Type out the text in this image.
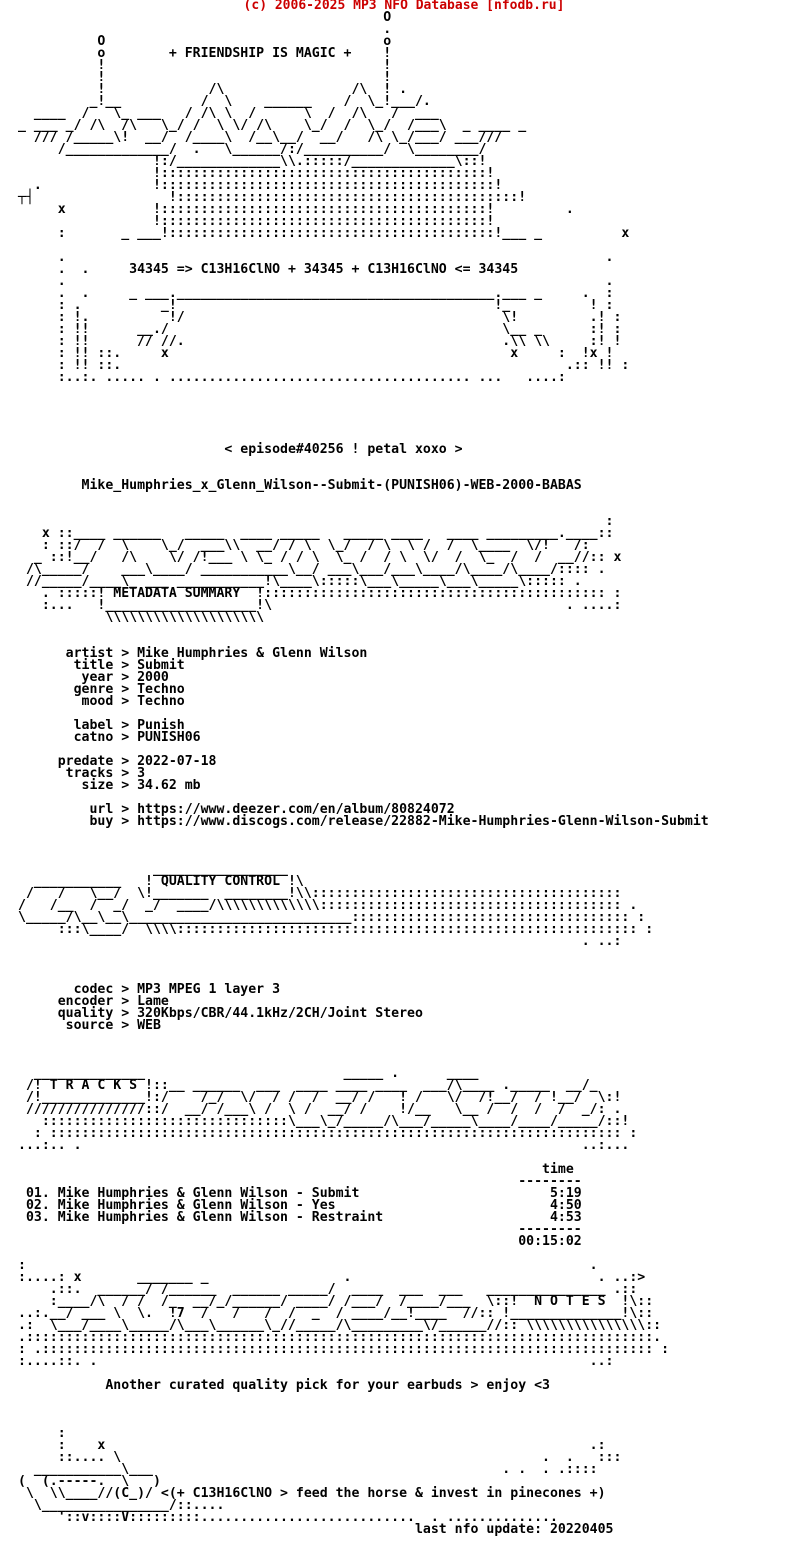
(c) 2006-2025 MP3 NFO Database [nfodb.ru]
O
.
O                                   o
o        + FRIENDSHIP IS MAGIC +    !
!                                   !
!                                   !
!             /\                /\  ! .
_!__          /  \    ______    /  \_!___/.
____  /   \_ ___   / /\ \  /      \  /  /\   /  ___
_ ___ _/ /\  /\   \_/ /  \ \/ /\    \_/  /  \_/  /___\  _ ____ _
/// /_____\!  __/  /____\  /__\__/  __/   /\ \_/___/ ___///
/_____________/  .   \______/:/__________/  \________/
!:/_____________\\.:::::/_____________\::!
!:::::::::::::::::::::::::::::::::::::::::!
.              !::::::::::::::::::::::::::::::::::::::::::!
┬┤                 !:::::::::::::::::::::::::::::::::::::::::::!
x           !:::::::::::::::::::::::::::::::::::::::::!         .
!:::::::::::::::::::::::::::::::::::::::::!
:       _ ___!:::::::::::::::::::::::::::::::::::::::::!___ _          x
.                                                                    .
.  .     34345 => C13H16ClNO + 34345 + C13H16ClNO <= 34345
.                                                                    .
.  .     _ ___.________________________________________.___ _     .  :
: .          _!                                        !_          ! :
: !.          !/                                        \!         .! :
: !!      __./                                          \__ _      :! :
: !!      // //.                                        .\\ \\     :! !
: !! ::.     x                                           x     :  !x !
: !! ::.                                                        .:: !! :
:..:. ..... . ...................................... ...   ....:
< episode#40256 ! petal xoxo >
Mike_Humphries_x_Glenn_Wilson--Submit-(PUNISH06)-WEB-2000-BABAS
:
x ::____ ______   _____  ____ _____   _____ ____   ____ _________.____::
: ::/  /  \    \_/  ___\\  __/ / \  \_/  / \  \ /  /  \____  \/!   /:
_ ::!__/   /\    \/ /!___ \ \_ / / \  \_ /  / \  \/  /  \_  /  /  __//:: x
/\_____/    ___\____/ ___________\__/ ___\___/___\____/\____/\____/:::: .
//_____/____\_ ___ ___________!\____\:::::\___\_____\___\_____\::::: .
. :::::! METADATA SUMMARY  !::::::::::::::::::::::::::::::::::::::::::: :
:...   !___________________!\                                     . ....:
\\\\\\\\\\\\\\\\\\\\
artist > Mike Humphries & Glenn Wilson
title > Submit
year > 2000
genre > Techno
mood > Techno
label > Punish
catno > PUNISH06
predate > 2022-07-18
tracks > 3
size > 34.62 mb
url > https://www.deezer.com/en/album/80824072
buy > https://www.discogs.com/release/22882-Mike-Humphries-Glenn-Wilson-Submit
_________________
___________   ! QUALITY CONTROL !\
/   /   \__/  \!_______  ________!\\:::::::::::::::::::::::::::::::::::::::
/   /__  /  _/  _/  ____/\\\\\\\\\\\\\:::::::::::::::::::::::::::::::::::::: .
\_____/\__\__\____________________________::::::::::::::::::::::::::::::::::: :
:::\____/  \\\\:::::::::::::::::::::::::::::::::::::::::::::::::::::::::: :
. ..:
codec > MP3 MPEG 1 layer 3
encoder > Lame
quality > 320Kbps/CBR/44.1kHz/2CH/Joint Stereo
source > WEB
______________                         _____ .      ____
/! T R A C K S !::__ ______  ___  ____ ____ ____  ___/\____ ._____  __/_
/!_____________!:/    /_/  \/  / /  /  __/ /   ! /   \/  /!__/  / !__/  \:!
///////////////::/  __/ /___\ /  \ /  __/ /    !/__   \__ /  /  /  /  _/: .
:::::::::::::::::::::::::::::::\___\_/_____/\___/_____\____/____/_____/::!
: :::::::::::::::::::::::::::::::::::::::::::::::::::::::::::::::::::::::: :
...:.. .                                                               ..:...
time
--------
01. Mike Humphries & Glenn Wilson - Submit                        5:19
02. Mike Humphries & Glenn Wilson - Yes                           4:50
03. Mike Humphries & Glenn Wilson - Restraint                     4:53
--------
00:15:02
:                                                                       .
:....: x       _______ _                 .                               . ..:>
.::.  ______/ /______  ______ _____/  ____  ___  ___   _______________ .::
:____/\  / /  /_  __/_/______/ ____/ /___/  /____/___  \::!  N O T E S  !\::
..:.__/ ___ \  \.  !7  /   /   /  /  _  / ____/__!____  //:: !______________!\::
.:  \___/____\_____/\___\______\_//_____/\_________\/______//:: \\\\\\\\\\\\\\\::
.:::::::::::::::::::::::::::::::::::::::::::::::::::::::::::::::::::::::::::::::.
: .::::::::::::::::::::::::::::::::::::::::::::::::::::::::::::::::::::::::::::: :
:....::. .                                                              ..:
Another curated quality pick for your earbuds > enjoy <3
:
:    x                                                             .:
::.... \                                                     .  .   :::
___________\___                                            . .  . .::::
(  (.-----.  \   )
\  \\____//(C_)/ <(+ C13H16ClNO > feed the horse & invest in pinecones +)
\________________/::....
'::v::::V:::::::::...........................  . ..............
last nfo update: 20220405
